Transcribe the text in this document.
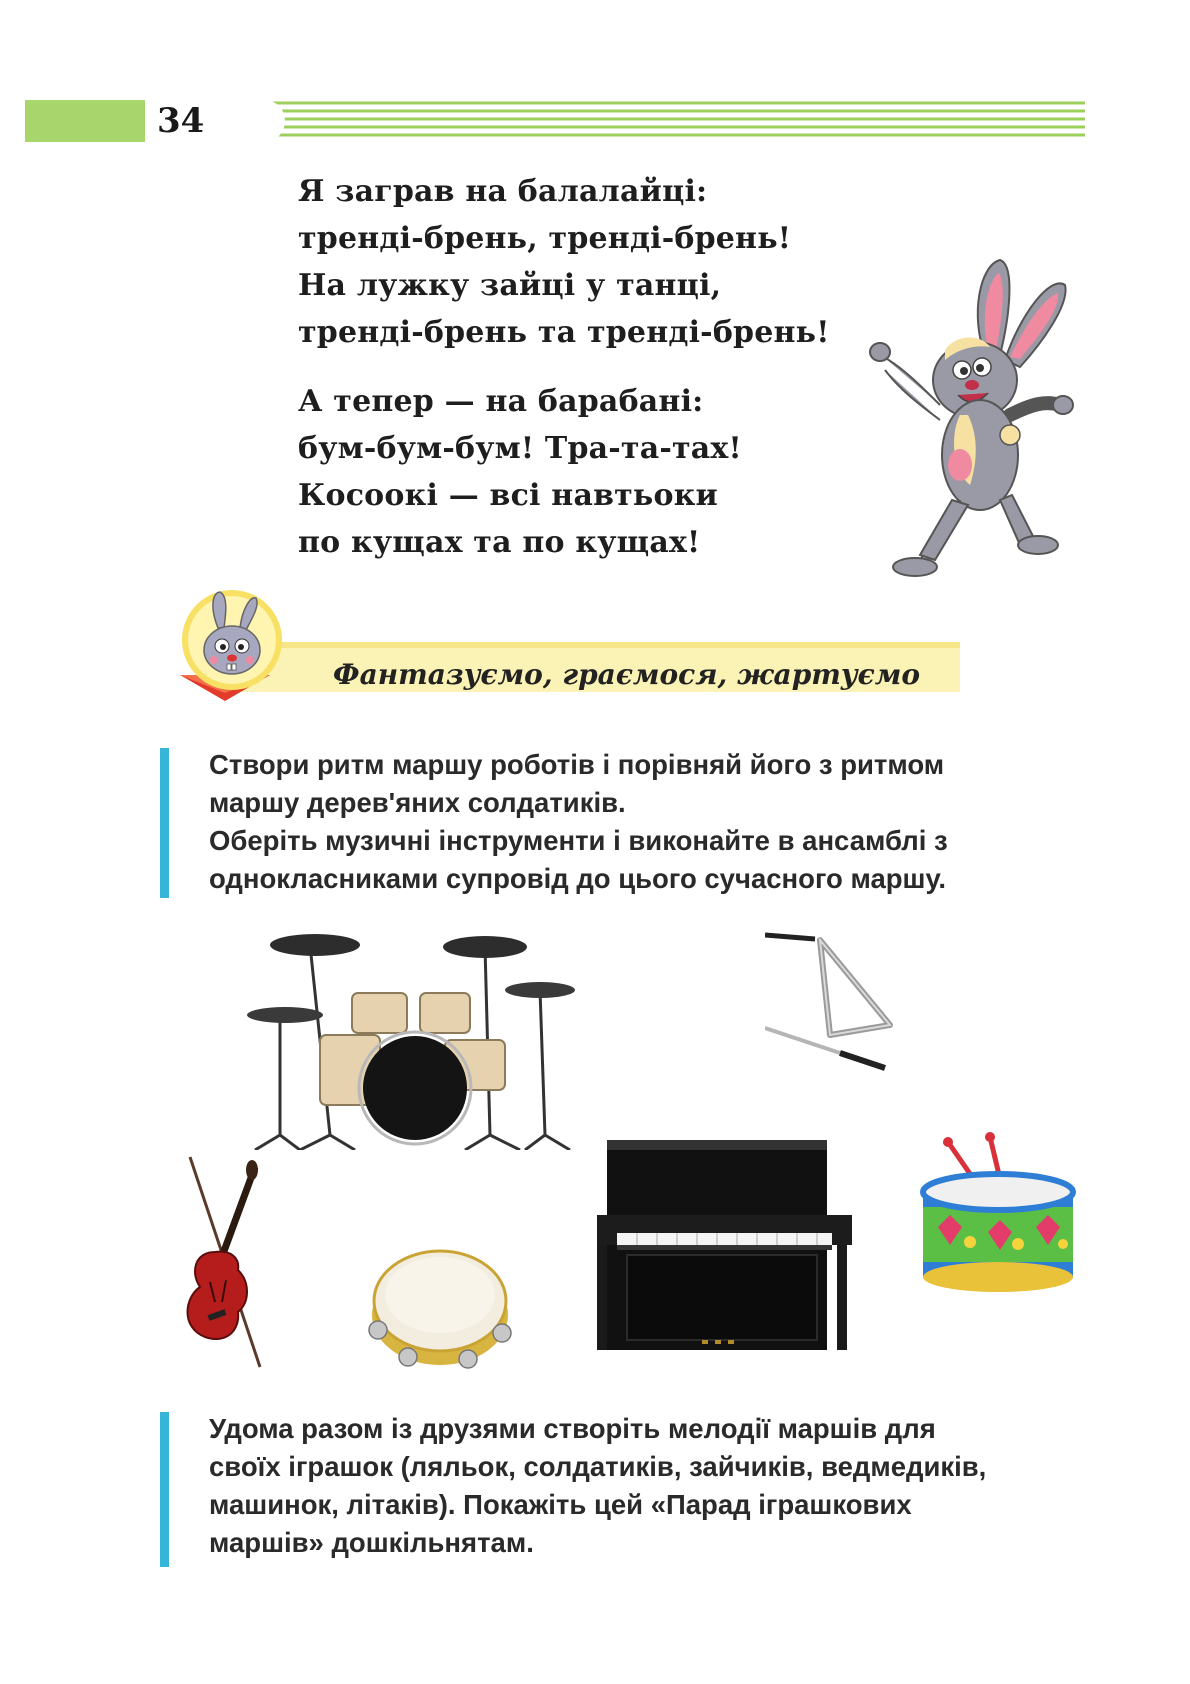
34
Я заграв на балалайці:
тренді-брень, тренді-брень!
На лужку зайці у танці,
тренді-брень та тренді-брень!
А тепер — на барабані:
бум-бум-бум! Тра-та-тах!
Косоокі — всі навтьоки
по кущах та по кущах!
Фантазуємо, граємося, жартуємо
Створи ритм маршу роботів і порівняй його з ритмом
маршу дерев'яних солдатиків.
Оберіть музичні інструменти і виконайте в ансамблі з
однокласниками супровід до цього сучасного маршу.
Удома разом із друзями створіть мелодії маршів для
своїх іграшок (ляльок, солдатиків, зайчиків, ведмедиків,
машинок, літаків). Покажіть цей «Парад іграшкових
маршів» дошкільнятам.
